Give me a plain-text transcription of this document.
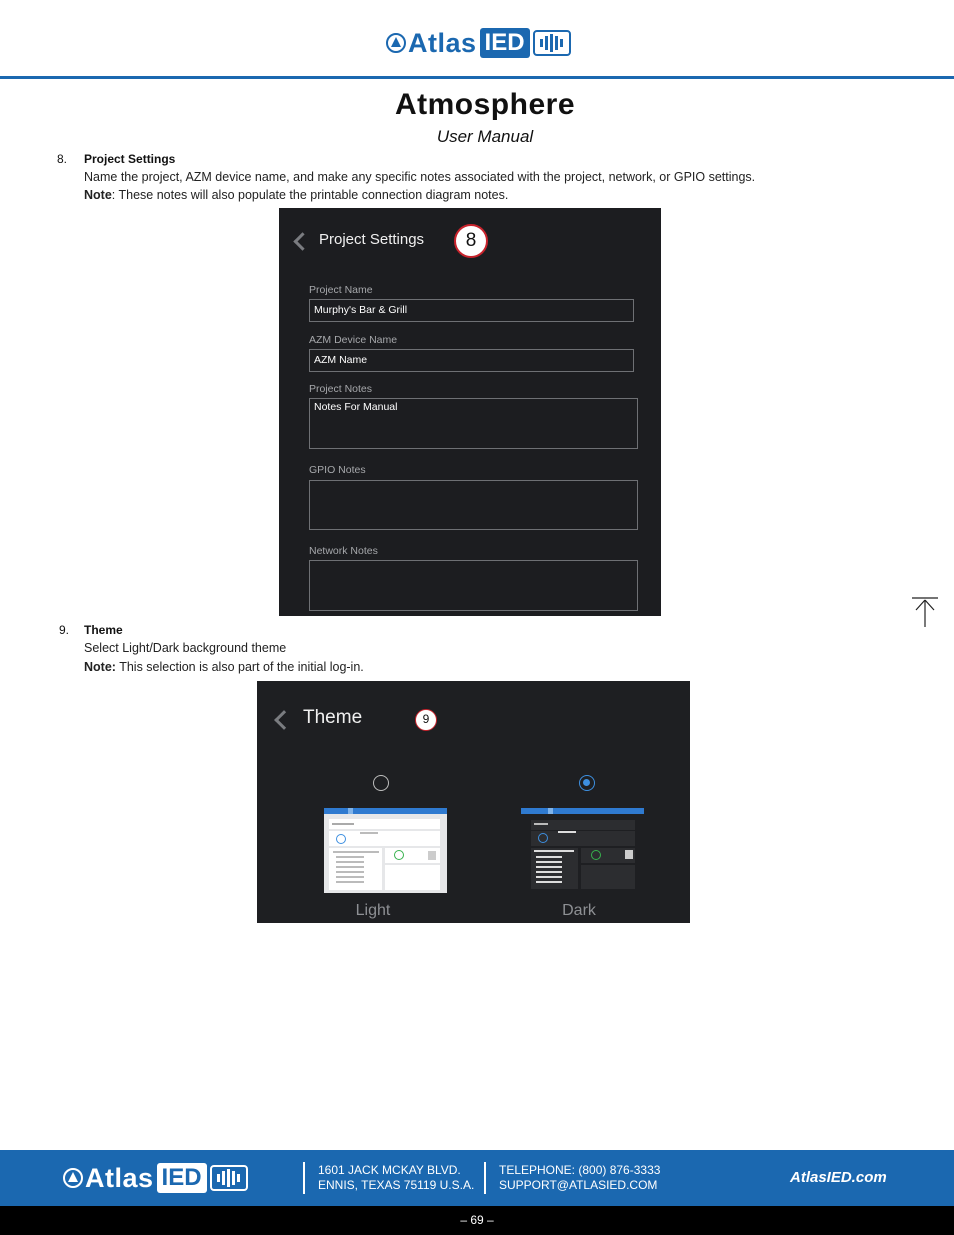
Atlas IED
Atmosphere
User Manual
8. Project Settings
Name the project, AZM device name, and make any specific notes associated with the project, network, or GPIO settings.
Note: These notes will also populate the printable connection diagram notes.
Project Settings	8
Project Name
Murphy's Bar & Grill
AZM Device Name
AZM Name
Project Notes
Notes For Manual
GPIO Notes
Network Notes
9. Theme
Select Light/Dark background theme
Note: This selection is also part of the initial log-in.
Theme	9
Light	Dark
Atlas IED	1601 JACK MCKAY BLVD.
ENNIS, TEXAS 75119 U.S.A.
TELEPHONE: (800) 876-3333
SUPPORT@ATLASIED.COM	AtlasIED.com
– 69 –
